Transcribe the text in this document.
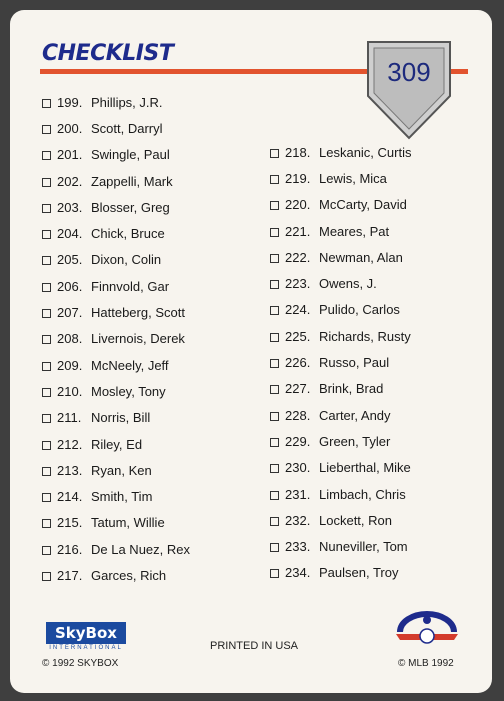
CHECKLIST
309
199. Phillips, J.R.
200. Scott, Darryl
201. Swingle, Paul
202. Zappelli, Mark
203. Blosser, Greg
204. Chick, Bruce
205. Dixon, Colin
206. Finnvold, Gar
207. Hatteberg, Scott
208. Livernois, Derek
209. McNeely, Jeff
210. Mosley, Tony
211. Norris, Bill
212. Riley, Ed
213. Ryan, Ken
214. Smith, Tim
215. Tatum, Willie
216. De La Nuez, Rex
217. Garces, Rich
218. Leskanic, Curtis
219. Lewis, Mica
220. McCarty, David
221. Meares, Pat
222. Newman, Alan
223. Owens, J.
224. Pulido, Carlos
225. Richards, Rusty
226. Russo, Paul
227. Brink, Brad
228. Carter, Andy
229. Green, Tyler
230. Lieberthal, Mike
231. Limbach, Chris
232. Lockett, Ron
233. Nuneviller, Tom
234. Paulsen, Troy
SkyBox
INTERNATIONAL
© 1992 SKYBOX
PRINTED IN USA
© MLB 1992
